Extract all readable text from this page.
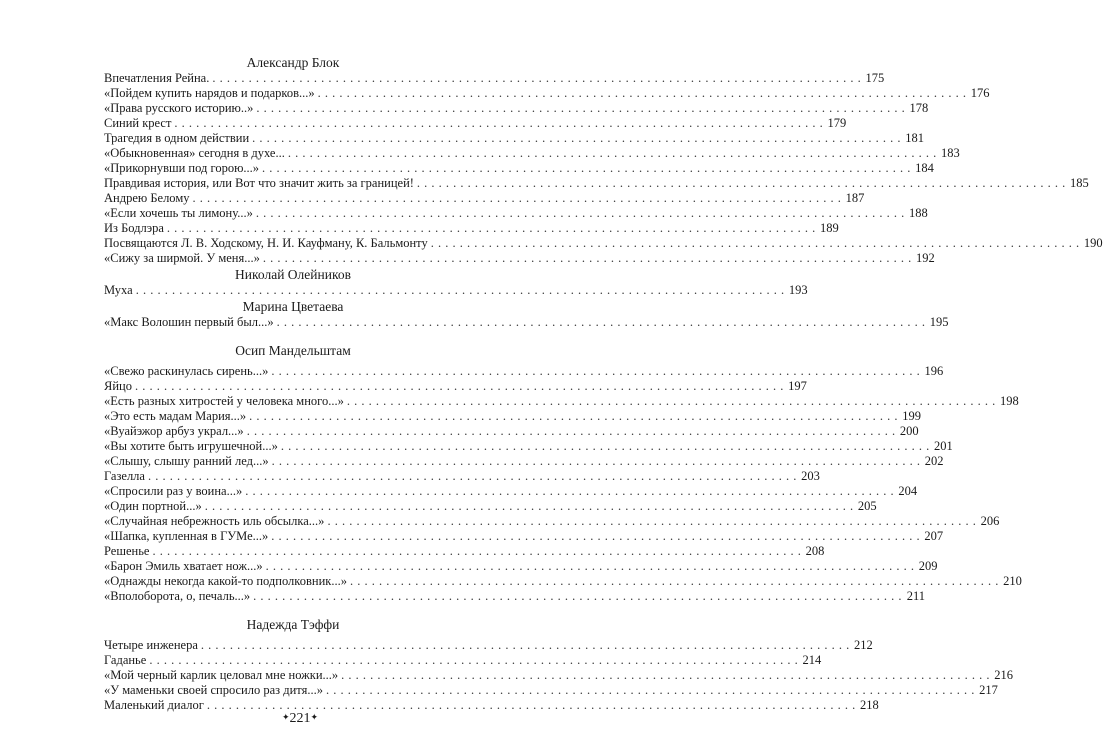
Александр Блок
Впечатления Рейна. . . .	175
«Пойдем купить нарядов и подарков...» . . .	176
«Права русского историю..» . . .	178
Синий крест . . .	179
Трагедия в одном действии . . .	181
«Обыкновенная» сегодня в духе... . . .	183
«Прикорнувши под горою...» . . .	184
Правдивая история, или Вот что значит жить за границей! . . .	185
Андрею Белому . . .	187
«Если хочешь ты лимону...» . . .	188
Из Бодлэра . . .	189
Посвящаются Л. В. Ходскому, Н. И. Кауфману, К. Бальмонту . . .	190
«Сижу за ширмой. У меня...» . . .	192
Николай Олейников
Муха . . .	193
Марина Цветаева
«Макс Волошин первый был...» . . .	195
Осип Мандельштам
«Свежо раскинулась сирень...» . . .	196
Яйцо . . .	197
«Есть разных хитростей у человека много...» . . .	198
«Это есть мадам Мария...» . . .	199
«Вуайэжор арбуз украл...» . . .	200
«Вы хотите быть игрушечной...» . . .	201
«Слышу, слышу ранний лед...» . . .	202
Газелла . . .	203
«Спросили раз у воина...» . . .	204
«Один портной...» . . .	205
«Случайная небрежность иль обсылка...» . . .	206
«Шапка, купленная в ГУМе...» . . .	207
Решенье . . .	208
«Барон Эмиль хватает нож...» . . .	209
«Однажды некогда какой-то подполковник...» . . .	210
«Вполоборота, о, печаль...» . . .	211
Надежда Тэффи
Четыре инженера . . .	212
Гаданье . . .	214
«Мой черный карлик целовал мне ножки...» . . .	216
«У маменьки своей спросило раз дитя...» . . .	217
Маленький диалог . . .	218
✦221✦
